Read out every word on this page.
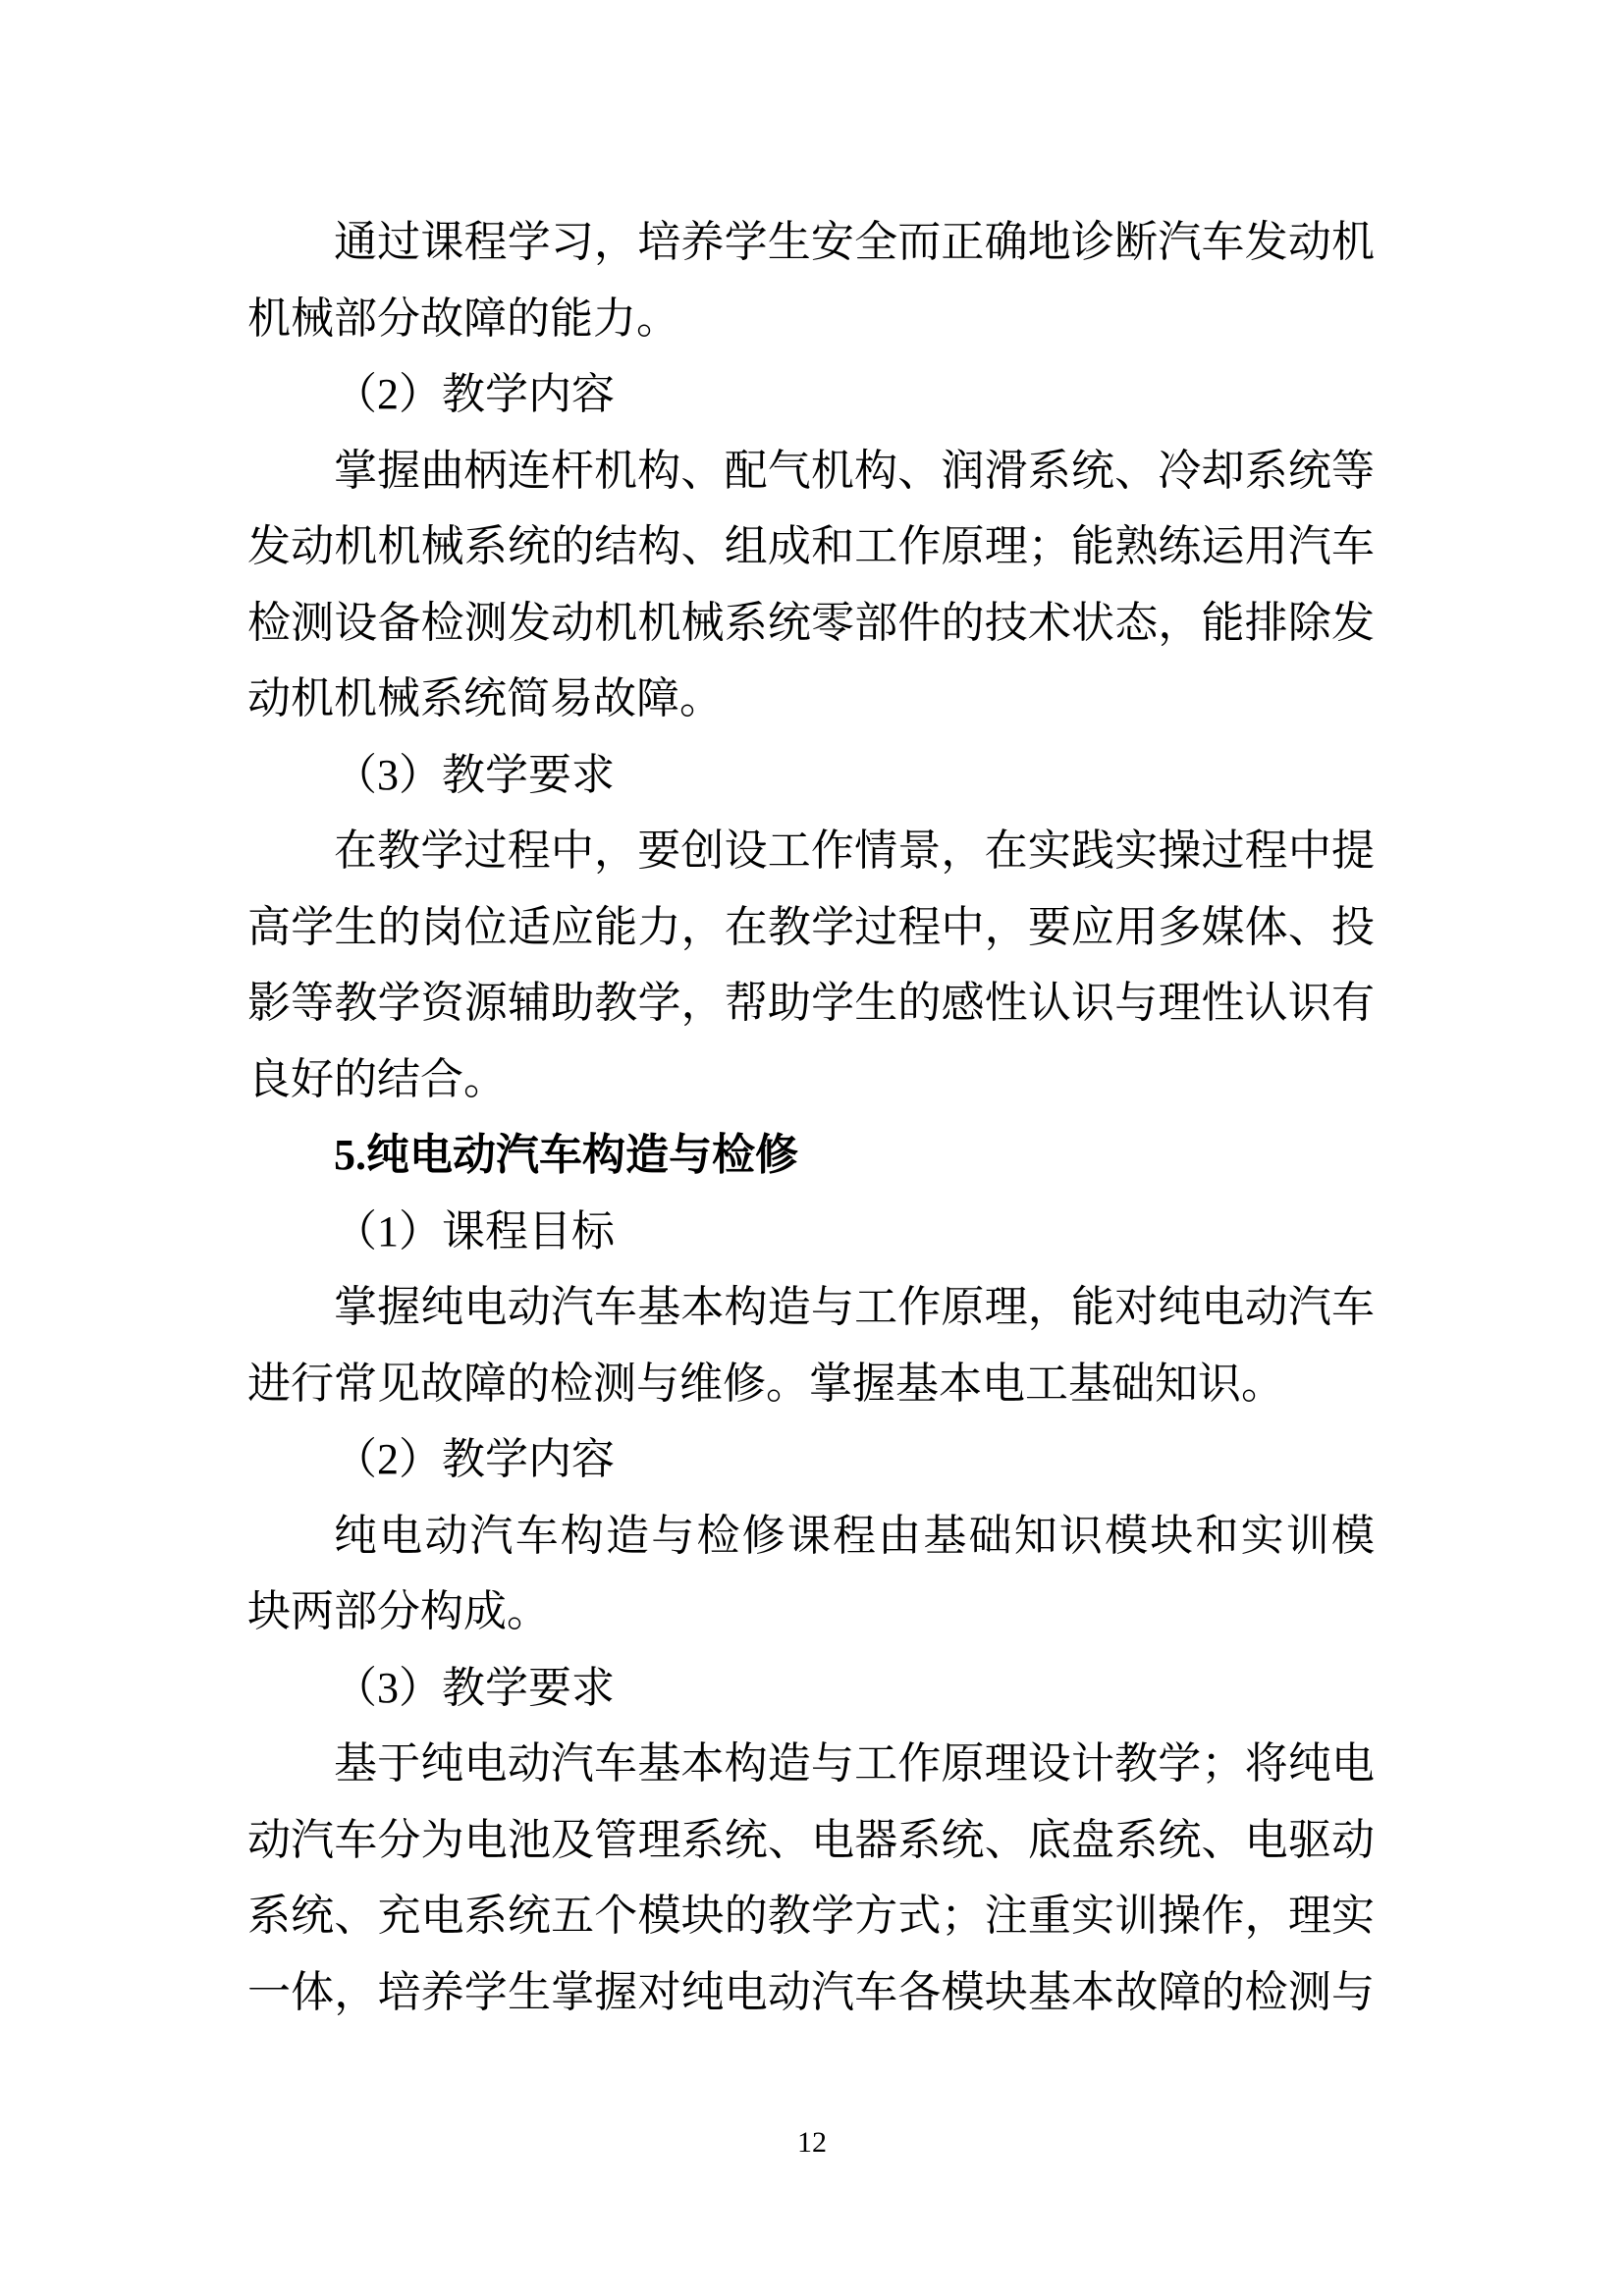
通过课程学习，培养学生安全而正确地诊断汽车发动机
机械部分故障的能力。
（2）教学内容
掌握曲柄连杆机构、配气机构、润滑系统、冷却系统等
发动机机械系统的结构、组成和工作原理；能熟练运用汽车
检测设备检测发动机机械系统零部件的技术状态，能排除发
动机机械系统简易故障。
（3）教学要求
在教学过程中，要创设工作情景，在实践实操过程中提
高学生的岗位适应能力，在教学过程中，要应用多媒体、投
影等教学资源辅助教学，帮助学生的感性认识与理性认识有
良好的结合。
5.纯电动汽车构造与检修
（1）课程目标
掌握纯电动汽车基本构造与工作原理，能对纯电动汽车
进行常见故障的检测与维修。掌握基本电工基础知识。
（2）教学内容
纯电动汽车构造与检修课程由基础知识模块和实训模
块两部分构成。
（3）教学要求
基于纯电动汽车基本构造与工作原理设计教学；将纯电
动汽车分为电池及管理系统、电器系统、底盘系统、电驱动
系统、充电系统五个模块的教学方式；注重实训操作，理实
一体，培养学生掌握对纯电动汽车各模块基本故障的检测与
12
